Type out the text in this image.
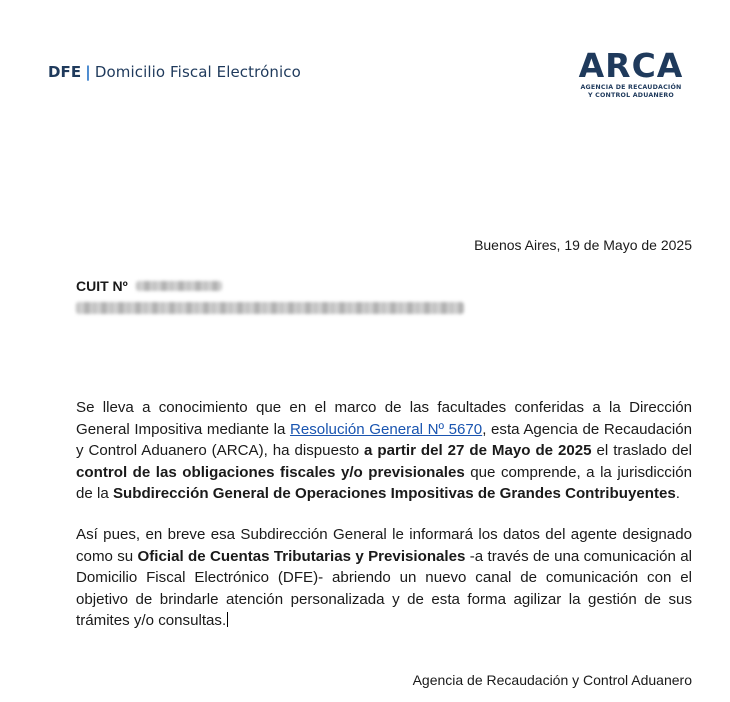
DFE | Domicilio Fiscal Electrónico	ARCA
AGENCIA DE RECAUDACIÓN
Y CONTROL ADUANERO
Buenos Aires, 19 de Mayo de 2025
CUIT Nº

Se lleva a conocimiento que en el marco de las facultades conferidas a la Dirección General Impositiva mediante la Resolución General Nº 5670, esta Agencia de Recaudación y Control Aduanero (ARCA), ha dispuesto a partir del 27 de Mayo de 2025 el traslado del control de las obligaciones fiscales y/o previsionales que comprende, a la jurisdicción de la Subdirección General de Operaciones Impositivas de Grandes Contribuyentes.

Así pues, en breve esa Subdirección General le informará los datos del agente designado como su Oficial de Cuentas Tributarias y Previsionales -a través de una comunicación al Domicilio Fiscal Electrónico (DFE)- abriendo un nuevo canal de comunicación con el objetivo de brindarle atención personalizada y de esta forma agilizar la gestión de sus trámites y/o consultas.

Agencia de Recaudación y Control Aduanero
